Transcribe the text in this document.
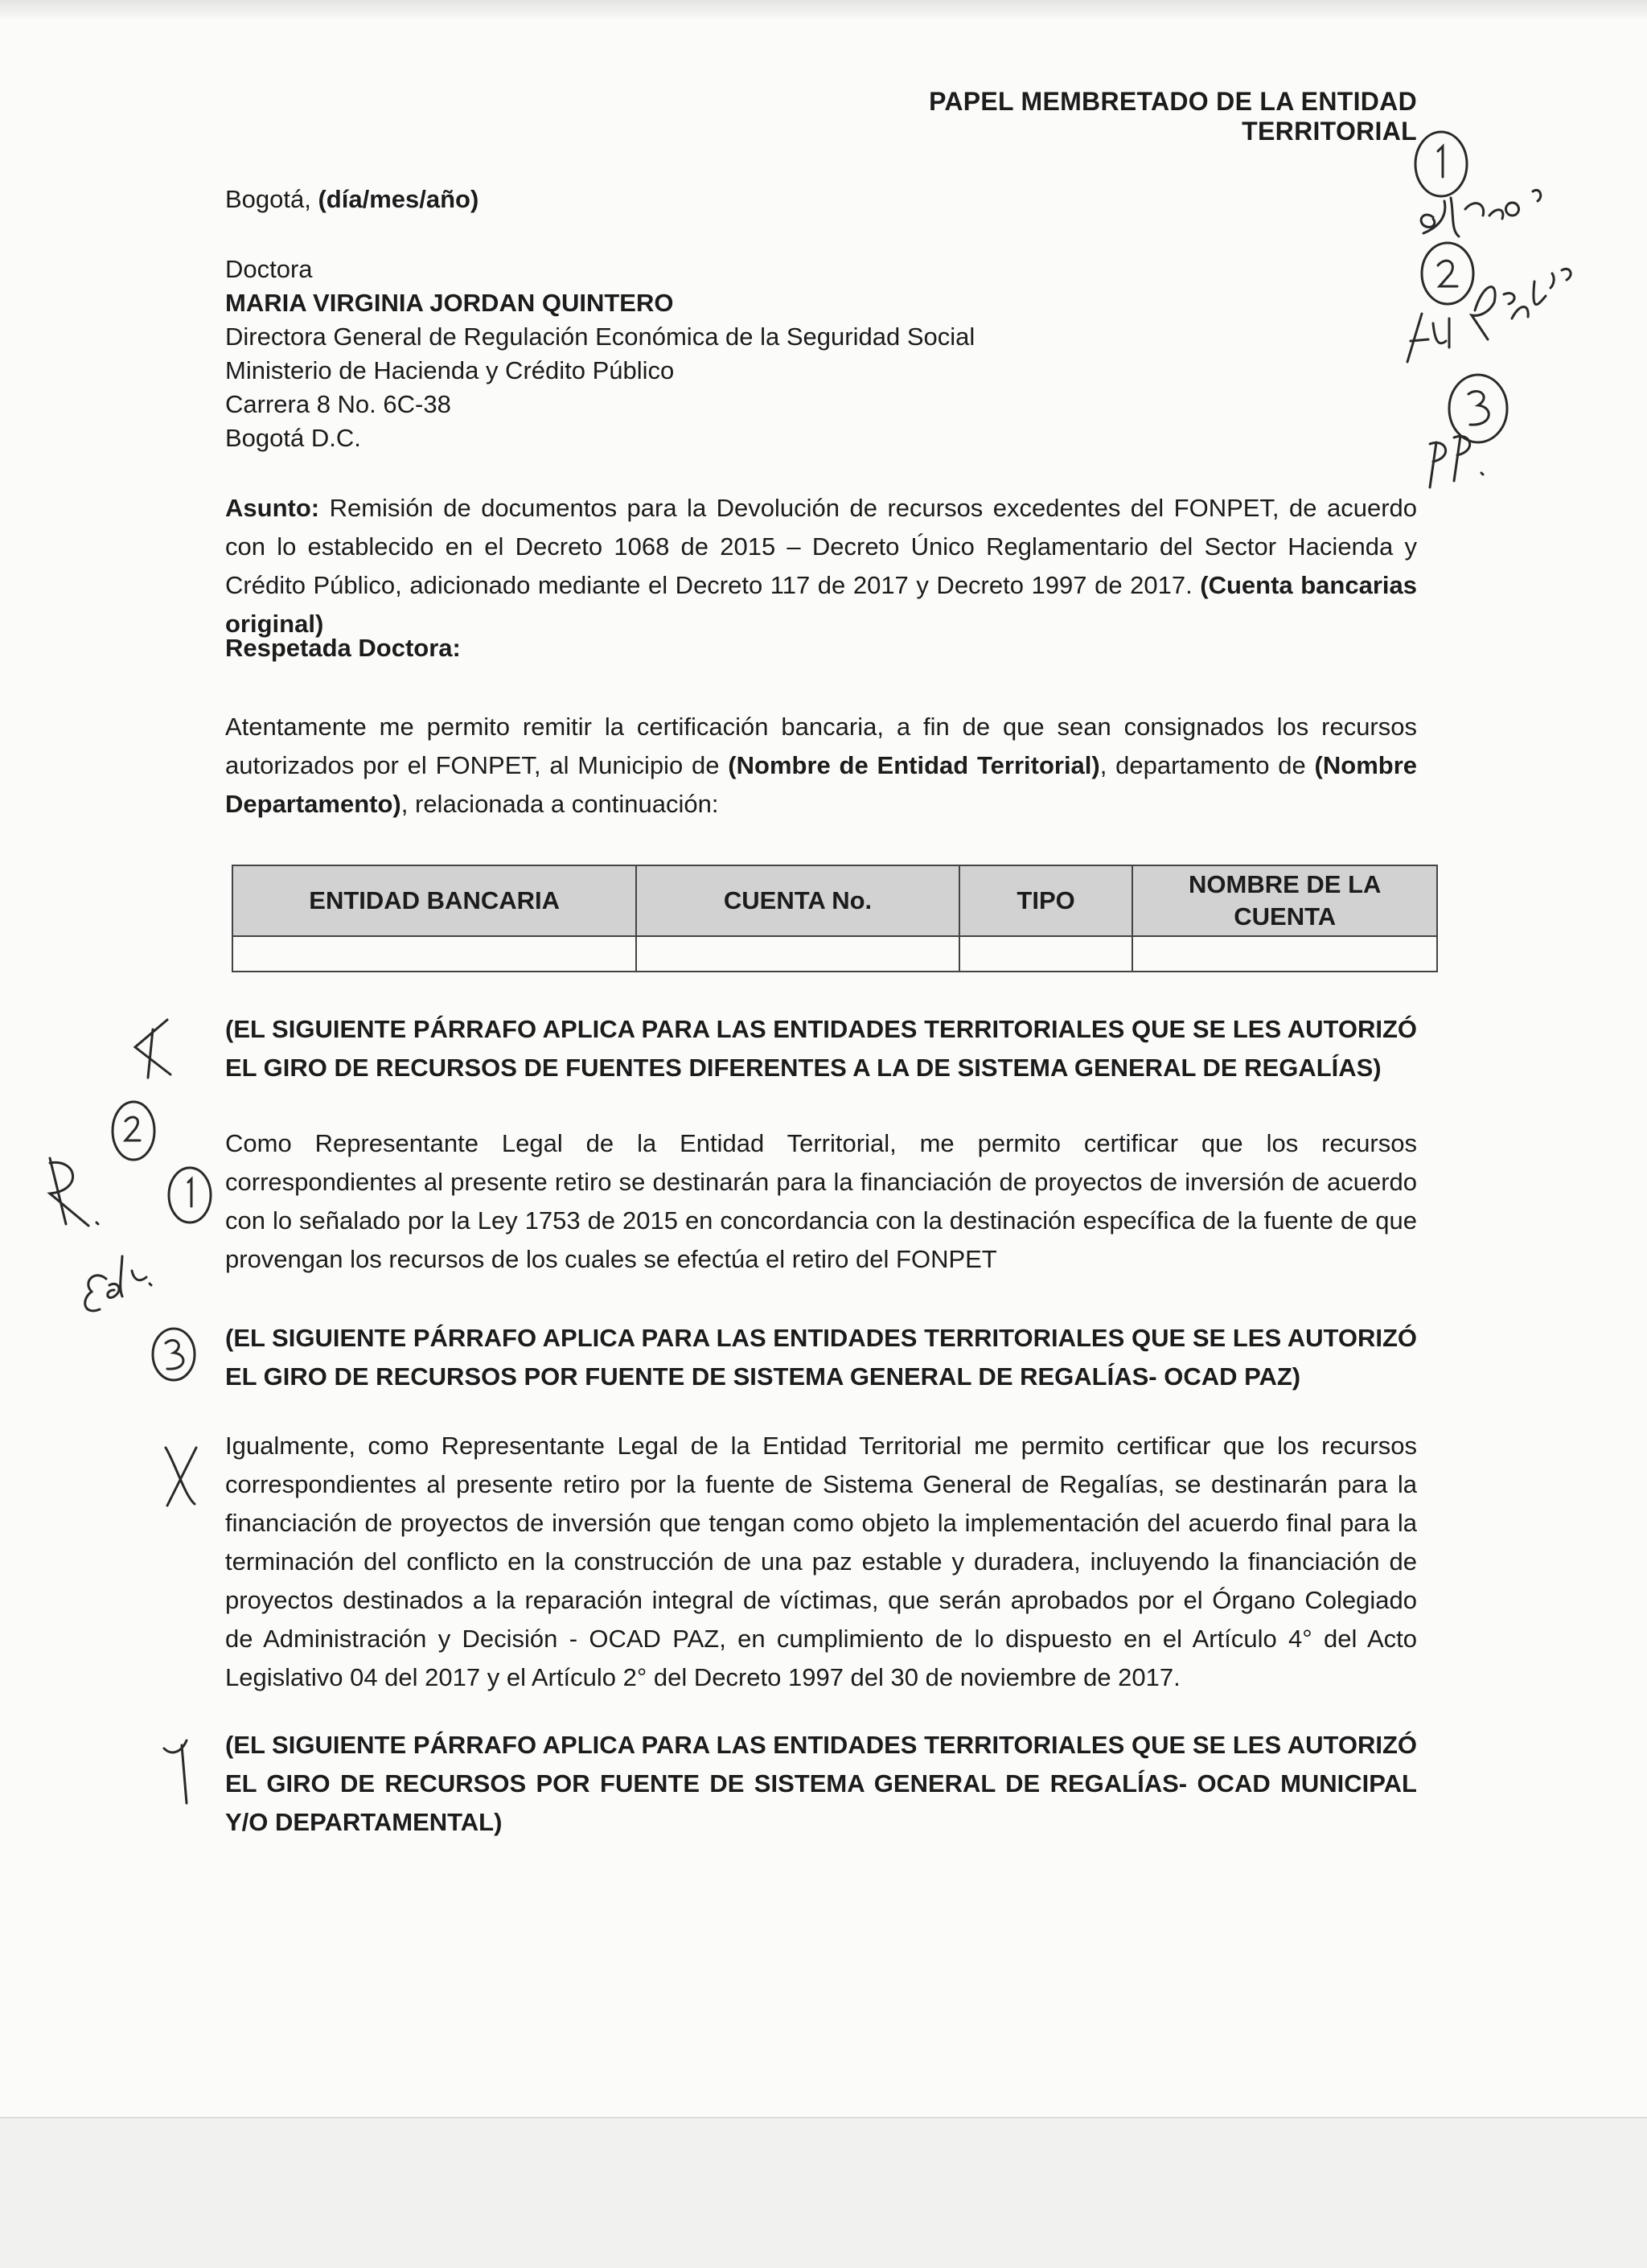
PAPEL MEMBRETADO DE LA ENTIDAD TERRITORIAL
Bogotá, (día/mes/año)
Doctora
MARIA VIRGINIA JORDAN QUINTERO
Directora General de Regulación Económica de la Seguridad Social
Ministerio de Hacienda y Crédito Público
Carrera 8 No. 6C-38
Bogotá D.C.

Asunto: Remisión de documentos para la Devolución de recursos excedentes del FONPET, de acuerdo con lo establecido en el Decreto 1068 de 2015 – Decreto Único Reglamentario del Sector Hacienda y Crédito Público, adicionado mediante el Decreto 117 de 2017 y Decreto 1997 de 2017. (Cuenta bancarias original)

Respetada Doctora:

Atentamente me permito remitir la certificación bancaria, a fin de que sean consignados los recursos autorizados por el FONPET, al Municipio de (Nombre de Entidad Territorial), departamento de (Nombre Departamento), relacionada a continuación:

ENTIDAD BANCARIA	CUENTA No.	TIPO	NOMBRE DE LA CUENTA

(EL SIGUIENTE PÁRRAFO APLICA PARA LAS ENTIDADES TERRITORIALES QUE SE LES AUTORIZÓ EL GIRO DE RECURSOS DE FUENTES DIFERENTES A LA DE SISTEMA GENERAL DE REGALÍAS)

Como Representante Legal de la Entidad Territorial, me permito certificar que los recursos correspondientes al presente retiro se destinarán para la financiación de proyectos de inversión de acuerdo con lo señalado por la Ley 1753 de 2015 en concordancia con la destinación específica de la fuente de que provengan los recursos de los cuales se efectúa el retiro del FONPET

(EL SIGUIENTE PÁRRAFO APLICA PARA LAS ENTIDADES TERRITORIALES QUE SE LES AUTORIZÓ EL GIRO DE RECURSOS POR FUENTE DE SISTEMA GENERAL DE REGALÍAS- OCAD PAZ)

Igualmente, como Representante Legal de la Entidad Territorial me permito certificar que los recursos correspondientes al presente retiro por la fuente de Sistema General de Regalías, se destinarán para la financiación de proyectos de inversión que tengan como objeto la implementación del acuerdo final para la terminación del conflicto en la construcción de una paz estable y duradera, incluyendo la financiación de proyectos destinados a la reparación integral de víctimas, que serán aprobados por el Órgano Colegiado de Administración y Decisión - OCAD PAZ, en cumplimiento de lo dispuesto en el Artículo 4° del Acto Legislativo 04 del 2017 y el Artículo 2° del Decreto 1997 del 30 de noviembre de 2017.

(EL SIGUIENTE PÁRRAFO APLICA PARA LAS ENTIDADES TERRITORIALES QUE SE LES AUTORIZÓ EL GIRO DE RECURSOS POR FUENTE DE SISTEMA GENERAL DE REGALÍAS- OCAD MUNICIPAL Y/O DEPARTAMENTAL)
